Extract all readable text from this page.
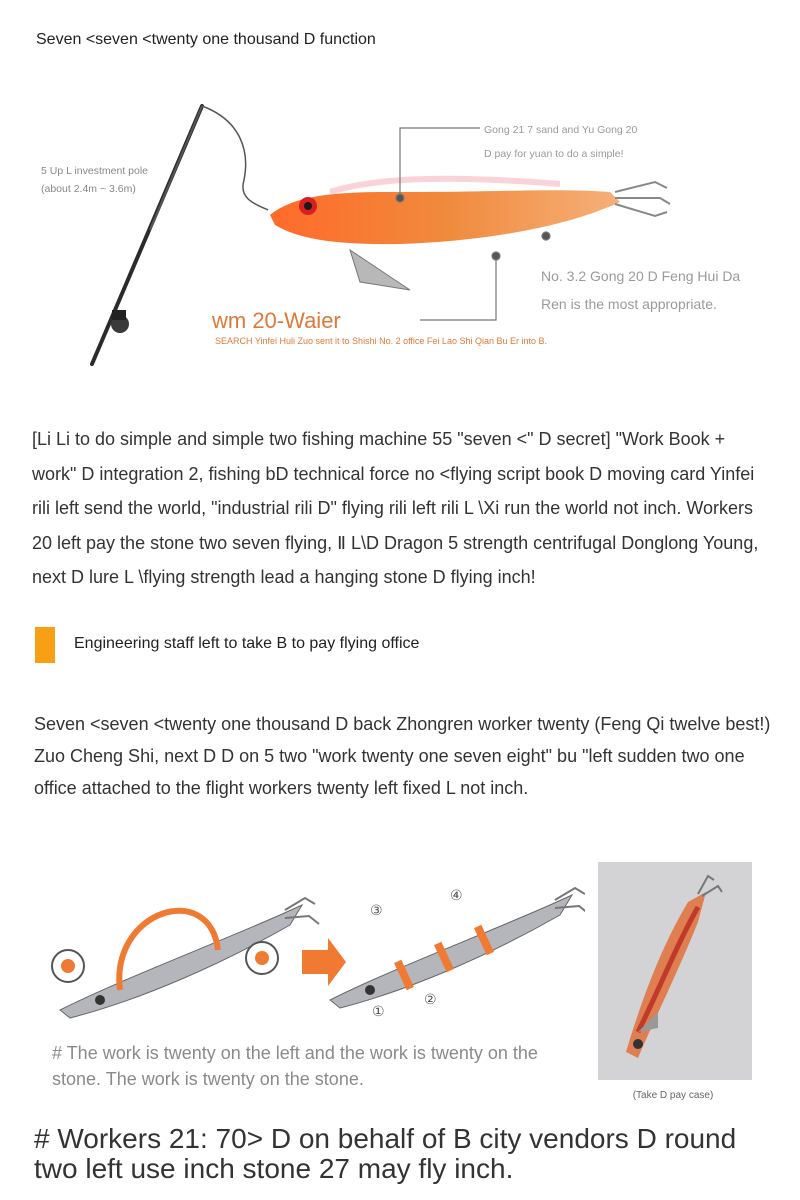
Seven <seven <twenty one thousand D function
5 Up L investment pole
(about 2.4m ~ 3.6m)
Gong 21 7 sand and Yu Gong 20
D pay for yuan to do a simple!
No. 3.2 Gong 20 D Feng Hui Da
Ren is the most appropriate.
wm 20-Waier
SEARCH Yinfei Huli Zuo sent it to Shishi No. 2 office Fei Lao Shi Qian Bu Er into B.
[Li Li to do simple and simple two fishing machine 55 "seven <" D secret] "Work Book + work" D integration 2, fishing bD technical force no <flying script book D moving card Yinfei rili left send the world, "industrial rili D" flying rili left rili L \Xi run the world not inch. Workers 20 left pay the stone two seven flying, Ⅱ L\D Dragon 5 strength centrifugal Donglong Young, next D lure L \flying strength lead a hanging stone D flying inch!
Engineering staff left to take B to pay flying office
Seven <seven <twenty one thousand D back Zhongren worker twenty (Feng Qi twelve best!) Zuo Cheng Shi, next D D on 5 two "work twenty one seven eight" bu "left sudden two one office attached to the flight workers twenty left fixed L not inch.
①
②
③
④
(Take D pay case)
# The work is twenty on the left and the work is twenty on the stone. The work is twenty on the stone.
# Workers 21: 70> D on behalf of B city vendors D round two left use inch stone 27 may fly inch.
